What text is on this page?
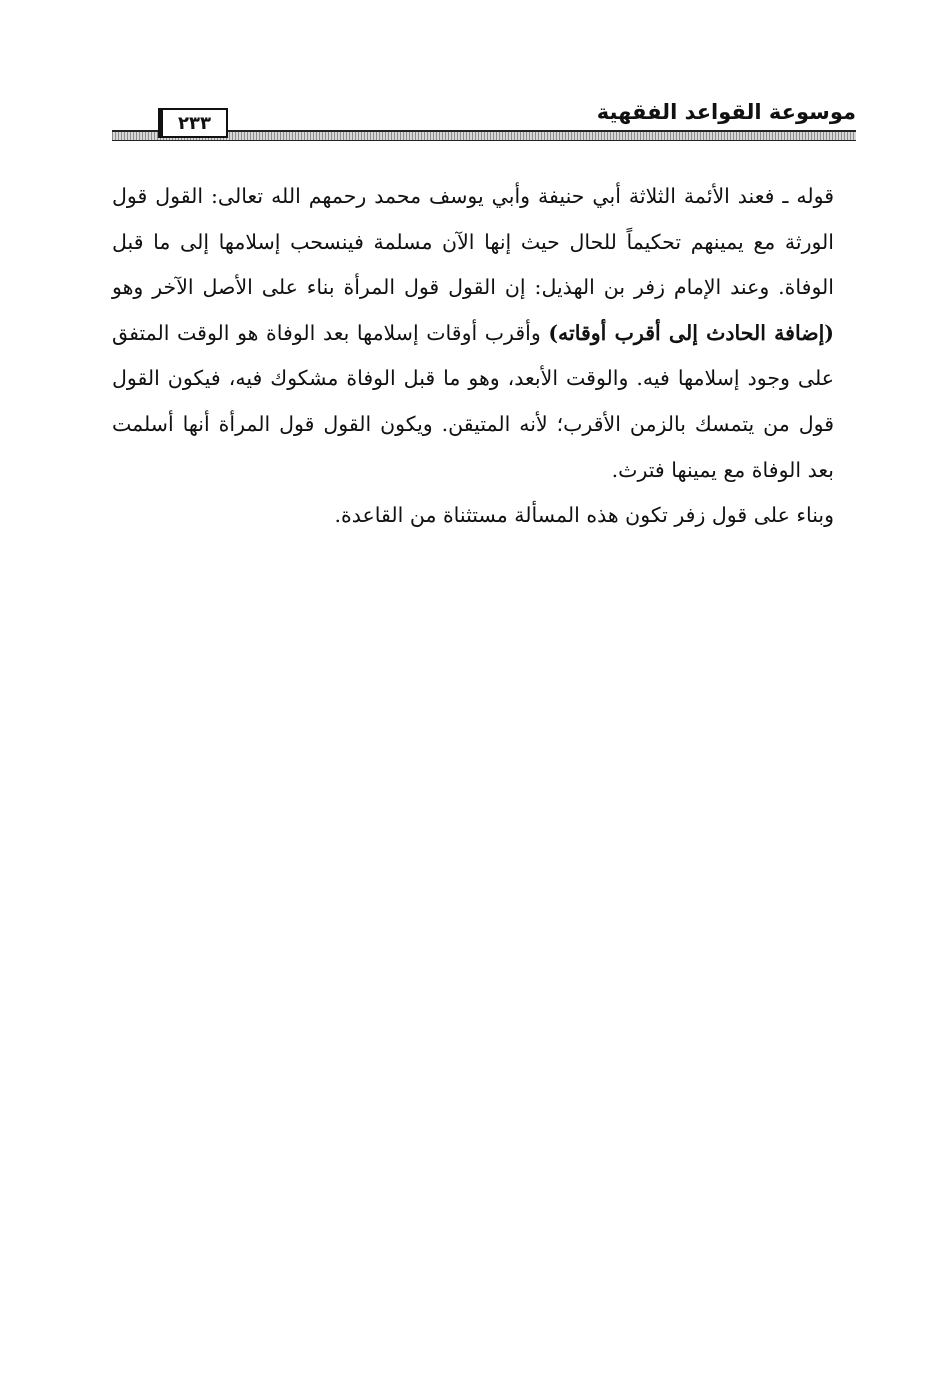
موسوعة القواعد الفقهية
٢٣٣

قوله ـ فعند الأئمة الثلاثة أبي حنيفة وأبي يوسف محمد رحمهم الله تعالى: القول قول الورثة مع يمينهم تحكيماً للحال حيث إنها الآن مسلمة فينسحب إسلامها إلى ما قبل الوفاة. وعند الإمام زفر بن الهذيل: إن القول قول المرأة بناء على الأصل الآخر وهو (إضافة الحادث إلى أقرب أوقاته) وأقرب أوقات إسلامها بعد الوفاة هو الوقت المتفق على وجود إسلامها فيه. والوقت الأبعد، وهو ما قبل الوفاة مشكوك فيه، فيكون القول قول من يتمسك بالزمن الأقرب؛ لأنه المتيقن. ويكون القول قول المرأة أنها أسلمت بعد الوفاة مع يمينها فترث.

وبناء على قول زفر تكون هذه المسألة مستثناة من القاعدة.
